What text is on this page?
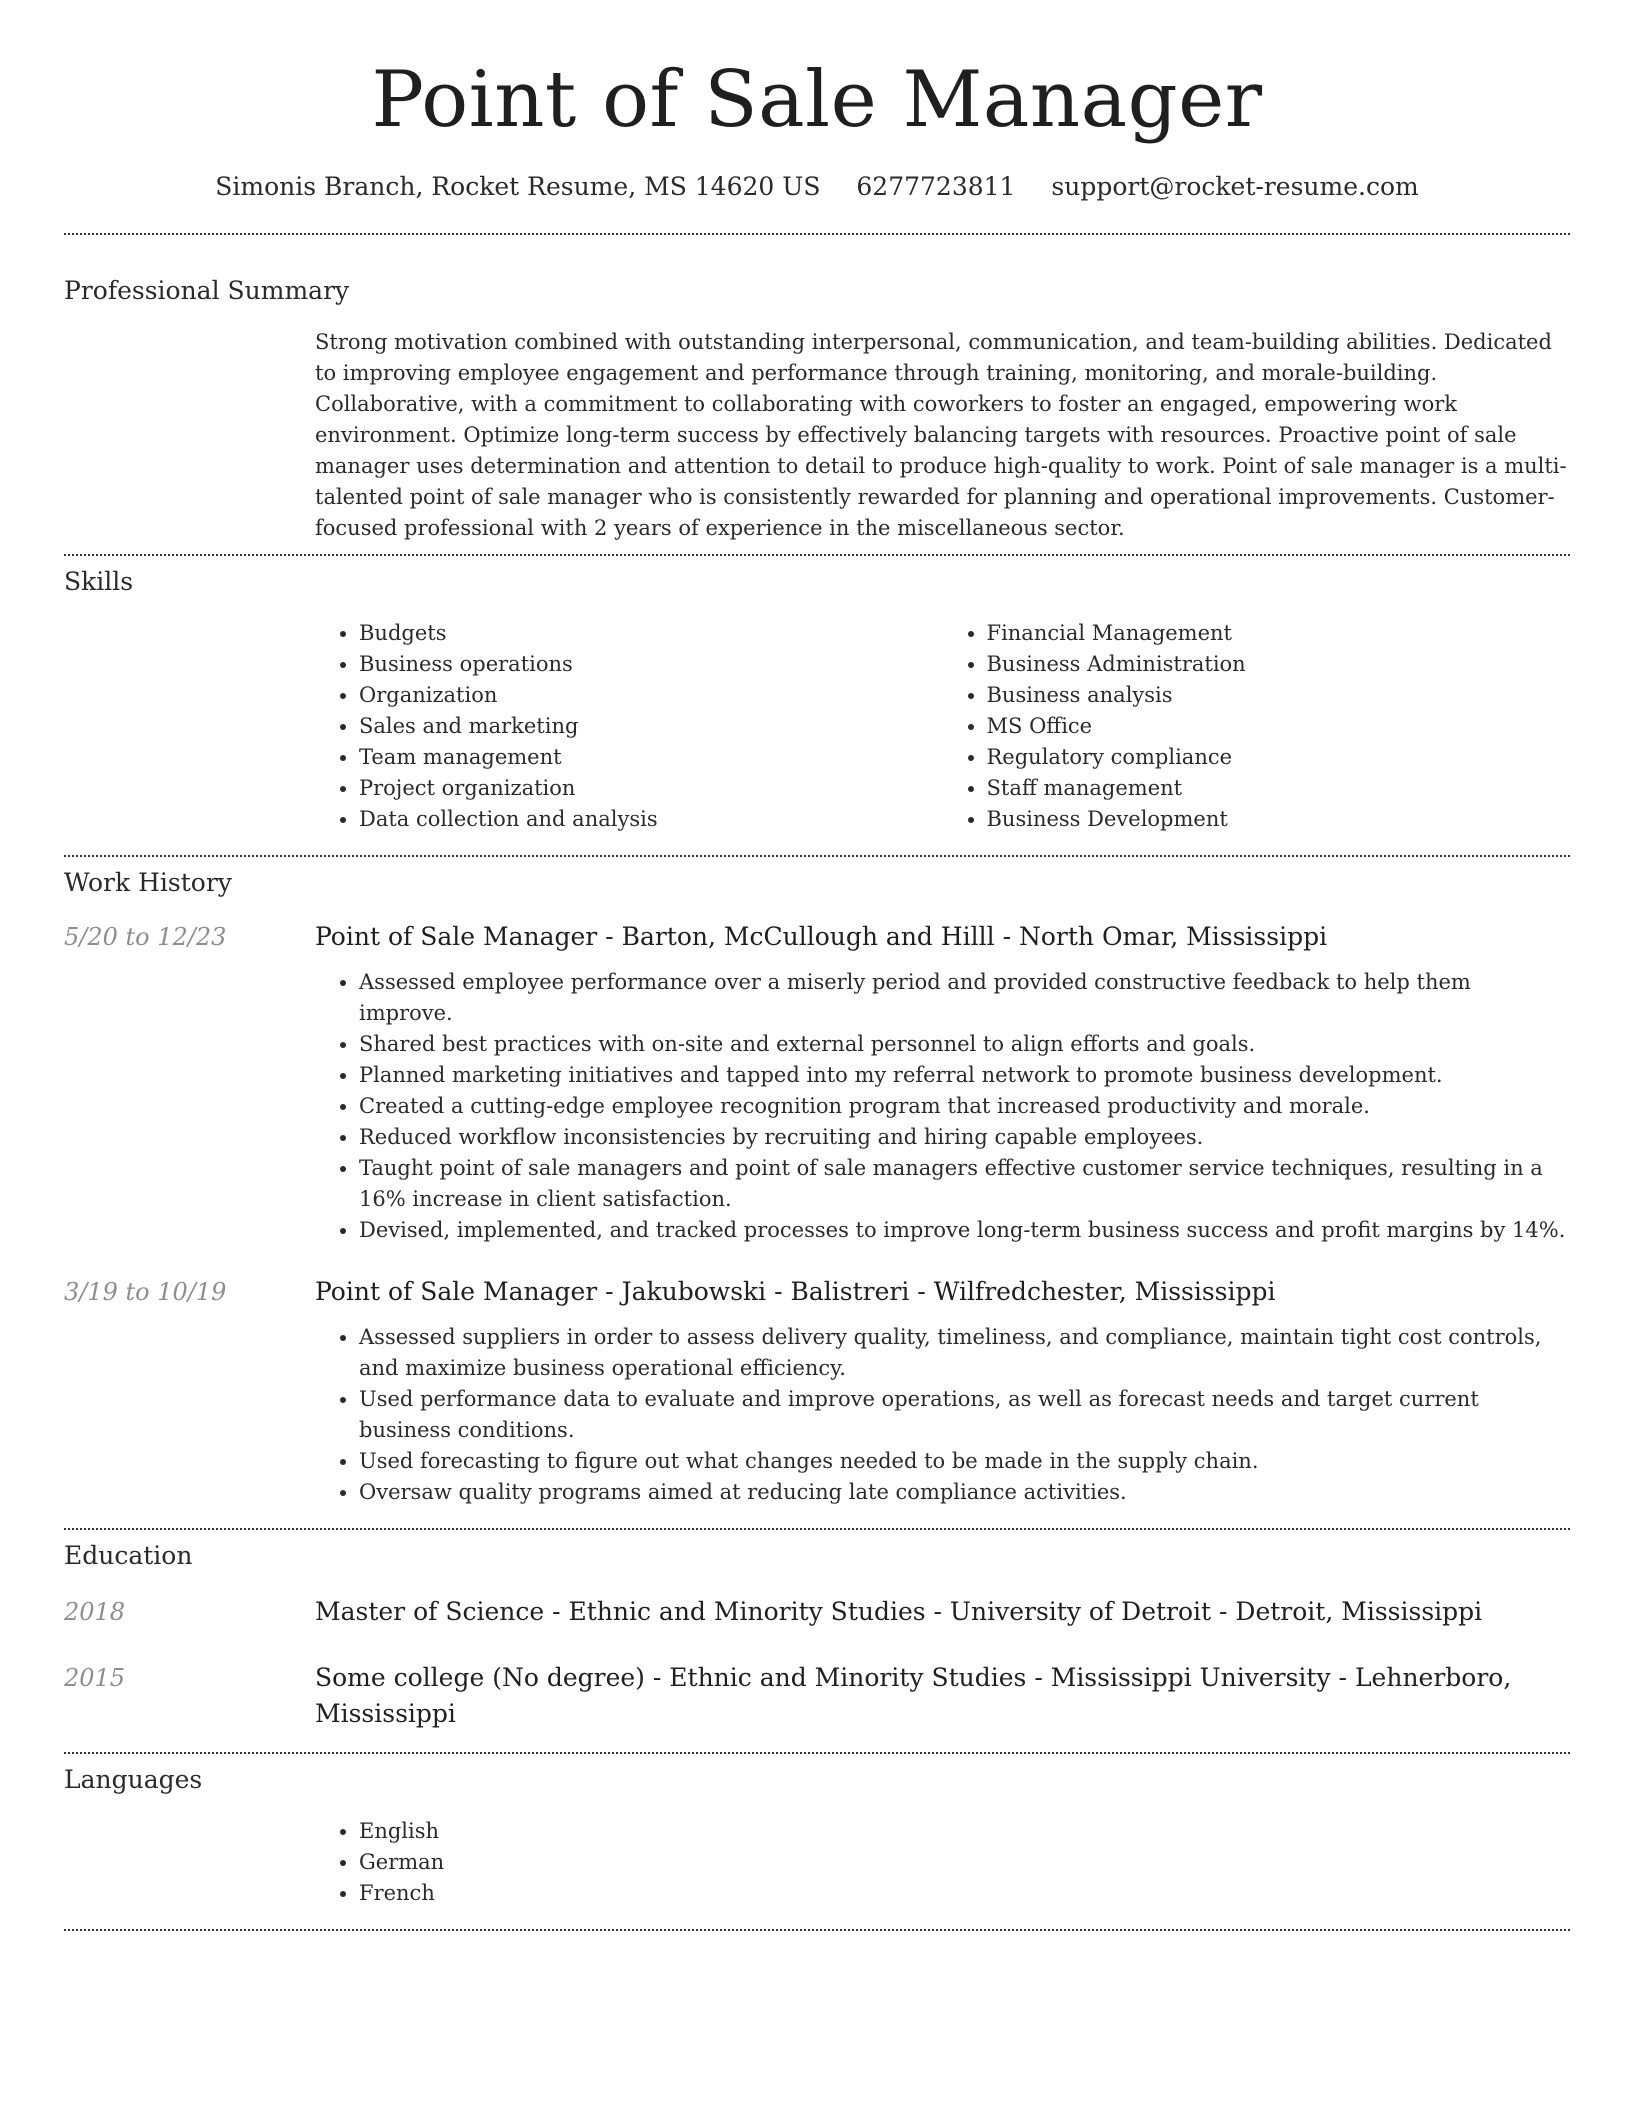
Point of Sale Manager
Simonis Branch, Rocket Resume, MS 14620 US 6277723811 support@rocket-resume.com
Professional Summary
Strong motivation combined with outstanding interpersonal, communication, and team-building abilities. Dedicated to improving employee engagement and performance through training, monitoring, and morale-building. Collaborative, with a commitment to collaborating with coworkers to foster an engaged, empowering work environment. Optimize long-term success by effectively balancing targets with resources. Proactive point of sale manager uses determination and attention to detail to produce high-quality to work. Point of sale manager is a multi-talented point of sale manager who is consistently rewarded for planning and operational improvements. Customer-focused professional with 2 years of experience in the miscellaneous sector.
Skills
• Budgets
• Business operations
• Organization
• Sales and marketing
• Team management
• Project organization
• Data collection and analysis
• Financial Management
• Business Administration
• Business analysis
• MS Office
• Regulatory compliance
• Staff management
• Business Development
Work History
5/20 to 12/23	Point of Sale Manager - Barton, McCullough and Hilll - North Omar, Mississippi
• Assessed employee performance over a miserly period and provided constructive feedback to help them improve.
• Shared best practices with on-site and external personnel to align efforts and goals.
• Planned marketing initiatives and tapped into my referral network to promote business development.
• Created a cutting-edge employee recognition program that increased productivity and morale.
• Reduced workflow inconsistencies by recruiting and hiring capable employees.
• Taught point of sale managers and point of sale managers effective customer service techniques, resulting in a 16% increase in client satisfaction.
• Devised, implemented, and tracked processes to improve long-term business success and profit margins by 14%.
3/19 to 10/19	Point of Sale Manager - Jakubowski - Balistreri - Wilfredchester, Mississippi
• Assessed suppliers in order to assess delivery quality, timeliness, and compliance, maintain tight cost controls, and maximize business operational efficiency.
• Used performance data to evaluate and improve operations, as well as forecast needs and target current business conditions.
• Used forecasting to figure out what changes needed to be made in the supply chain.
• Oversaw quality programs aimed at reducing late compliance activities.
Education
2018	Master of Science - Ethnic and Minority Studies - University of Detroit - Detroit, Mississippi
2015	Some college (No degree) - Ethnic and Minority Studies - Mississippi University - Lehnerboro, Mississippi
Languages
• English
• German
• French
